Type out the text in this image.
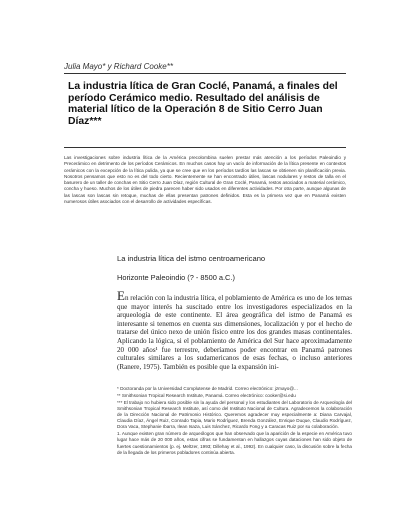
Julia Mayo* y Richard Cooke**
La industria lítica de Gran Coclé, Panamá, a finales del período Cerámico medio. Resultado del análisis de material lítico de la Operación 8 de Sitio Cerro Juan Díaz***
Las investigaciones sobre industria lítica de la América precolombina suelen prestar más atención a los períodos Paleoindio y Precerámico en detrimento de los períodos Cerámicos. En muchos casos hay un vacío de información de la lítica presente en contextos cerámicos con la excepción de la lítica pulida, ya que se cree que en los períodos tardíos las lascas se obtienen sin planificación previa. Nosotros pensamos que esto no es del todo cierto. Recientemente se han encontrado útiles, lascas nodulares y restos de talla en el basurero de un taller de conchas en Sitio Cerro Juan Díaz, región Cultural de Gran Coclé, Panamá, restos asociados a material cerámico, concha y hueso. Muchos de los útiles de piedra parecen haber sido usados en diferentes actividades. Por otra parte, aunque algunas de las lascas son lascas sin retoque, muchas de ellas presentan patrones definidos. Esta es la primera vez que en Panamá existen numerosos útiles asociados con el desarrollo de actividades específicas.
La industria lítica del istmo centroamericano
Horizonte Paleoindio (? - 8500 a.C.)
En relación con la industria lítica, el poblamiento de América es uno de los temas que mayor interés ha suscitado entre los investigadores especializados en la arqueología de este continente. El área geográfica del istmo de Panamá es interesante si tenemos en cuenta sus dimensiones, localización y por el hecho de tratarse del único nexo de unión físico entre los dos grandes masas continentales. Aplicando la lógica, si el poblamiento de América del Sur hace aproximadamente 20 000 años¹ fue terrestre, deberíamos poder encontrar en Panamá patrones culturales similares a los sudamericanos de esas fechas, o incluso anteriores (Ranere, 1975). También es posible que la expansión ini-

* Doctoranda por la Universidad Complutense de Madrid. Correo electrónico: jzmayo@...

** Smithsonian Tropical Research Institute, Panamá. Correo electrónico: cooker@si.edu

*** El trabajo no hubiera sido posible sin la ayuda del personal y los estudiantes del Laboratorio de Arqueología del Smithsonian Tropical Research Institute, así como del Instituto Nacional de Cultura. Agradecemos la colaboración de la Dirección Nacional de Patrimonio Histórico. Queremos agradecer muy especialmente a: Diana Carvajal, Claudia Díaz, Ángel Ruiz, Conrado Tapia, Mario Rodríguez, Brenda González, Enrique Duque, Claudio Rodríguez, Dora Vaca, Stephanie Ibarra, Ilean Isaza, Luis Sánchez, Ricardo Fong y a Caracas Ruiz por su colaboración.

1. Aunque existen gran número de arqueólogos que han observado que la aparición de la especie en América tuvo lugar hace más de 20 000 años, estas cifras se fundamentan en hallazgos cuyas dataciones han sido objeto de fuertes cuestionamientos (p. ej. Meltzer, 1993; Dillehay et al., 1992). En cualquier caso, la discusión sobre la fecha de la llegada de los primeros pobladores continúa abierta.
